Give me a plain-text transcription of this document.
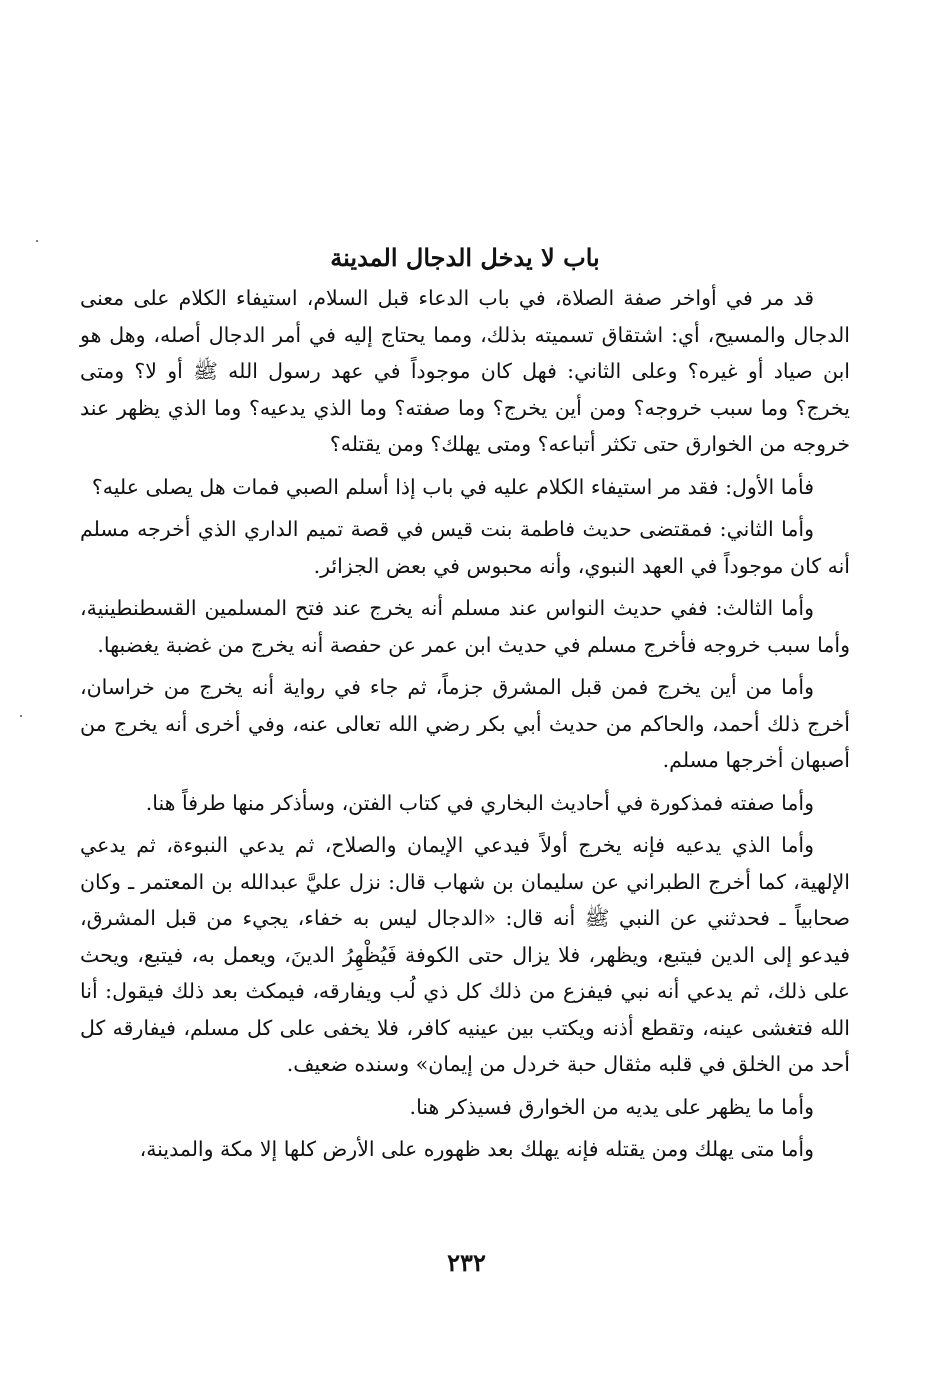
باب لا يدخل الدجال المدينة

قد مر في أواخر صفة الصلاة، في باب الدعاء قبل السلام، استيفاء الكلام على معنى الدجال والمسيح، أي: اشتقاق تسميته بذلك، ومما يحتاج إليه في أمر الدجال أصله، وهل هو ابن صياد أو غيره؟ وعلى الثاني: فهل كان موجوداً في عهد رسول الله ﷺ أو لا؟ ومتى يخرج؟ وما سبب خروجه؟ ومن أين يخرج؟ وما صفته؟ وما الذي يدعيه؟ وما الذي يظهر عند خروجه من الخوارق حتى تكثر أتباعه؟ ومتى يهلك؟ ومن يقتله؟

فأما الأول: فقد مر استيفاء الكلام عليه في باب إذا أسلم الصبي فمات هل يصلى عليه؟

وأما الثاني: فمقتضى حديث فاطمة بنت قيس في قصة تميم الداري الذي أخرجه مسلم أنه كان موجوداً في العهد النبوي، وأنه محبوس في بعض الجزائر.

وأما الثالث: ففي حديث النواس عند مسلم أنه يخرج عند فتح المسلمين القسطنطينية، وأما سبب خروجه فأخرج مسلم في حديث ابن عمر عن حفصة أنه يخرج من غضبة يغضبها.

وأما من أين يخرج فمن قبل المشرق جزماً، ثم جاء في رواية أنه يخرج من خراسان، أخرج ذلك أحمد، والحاكم من حديث أبي بكر رضي الله تعالى عنه، وفي أخرى أنه يخرج من أصبهان أخرجها مسلم.

وأما صفته فمذكورة في أحاديث البخاري في كتاب الفتن، وسأذكر منها طرفاً هنا.

وأما الذي يدعيه فإنه يخرج أولاً فيدعي الإيمان والصلاح، ثم يدعي النبوءة، ثم يدعي الإلهية، كما أخرج الطبراني عن سليمان بن شهاب قال: نزل عليَّ عبدالله بن المعتمر ـ وكان صحابياً ـ فحدثني عن النبي ﷺ أنه قال: «الدجال ليس به خفاء، يجيء من قبل المشرق، فيدعو إلى الدين فيتبع، ويظهر، فلا يزال حتى الكوفة فَيُظْهِرُ الدينَ، ويعمل به، فيتبع، ويحث على ذلك، ثم يدعي أنه نبي فيفزع من ذلك كل ذي لُب ويفارقه، فيمكث بعد ذلك فيقول: أنا الله فتغشى عينه، وتقطع أذنه ويكتب بين عينيه كافر، فلا يخفى على كل مسلم، فيفارقه كل أحد من الخلق في قلبه مثقال حبة خردل من إيمان» وسنده ضعيف.

وأما ما يظهر على يديه من الخوارق فسيذكر هنا.

وأما متى يهلك ومن يقتله فإنه يهلك بعد ظهوره على الأرض كلها إلا مكة والمدينة،

٢٣٢
